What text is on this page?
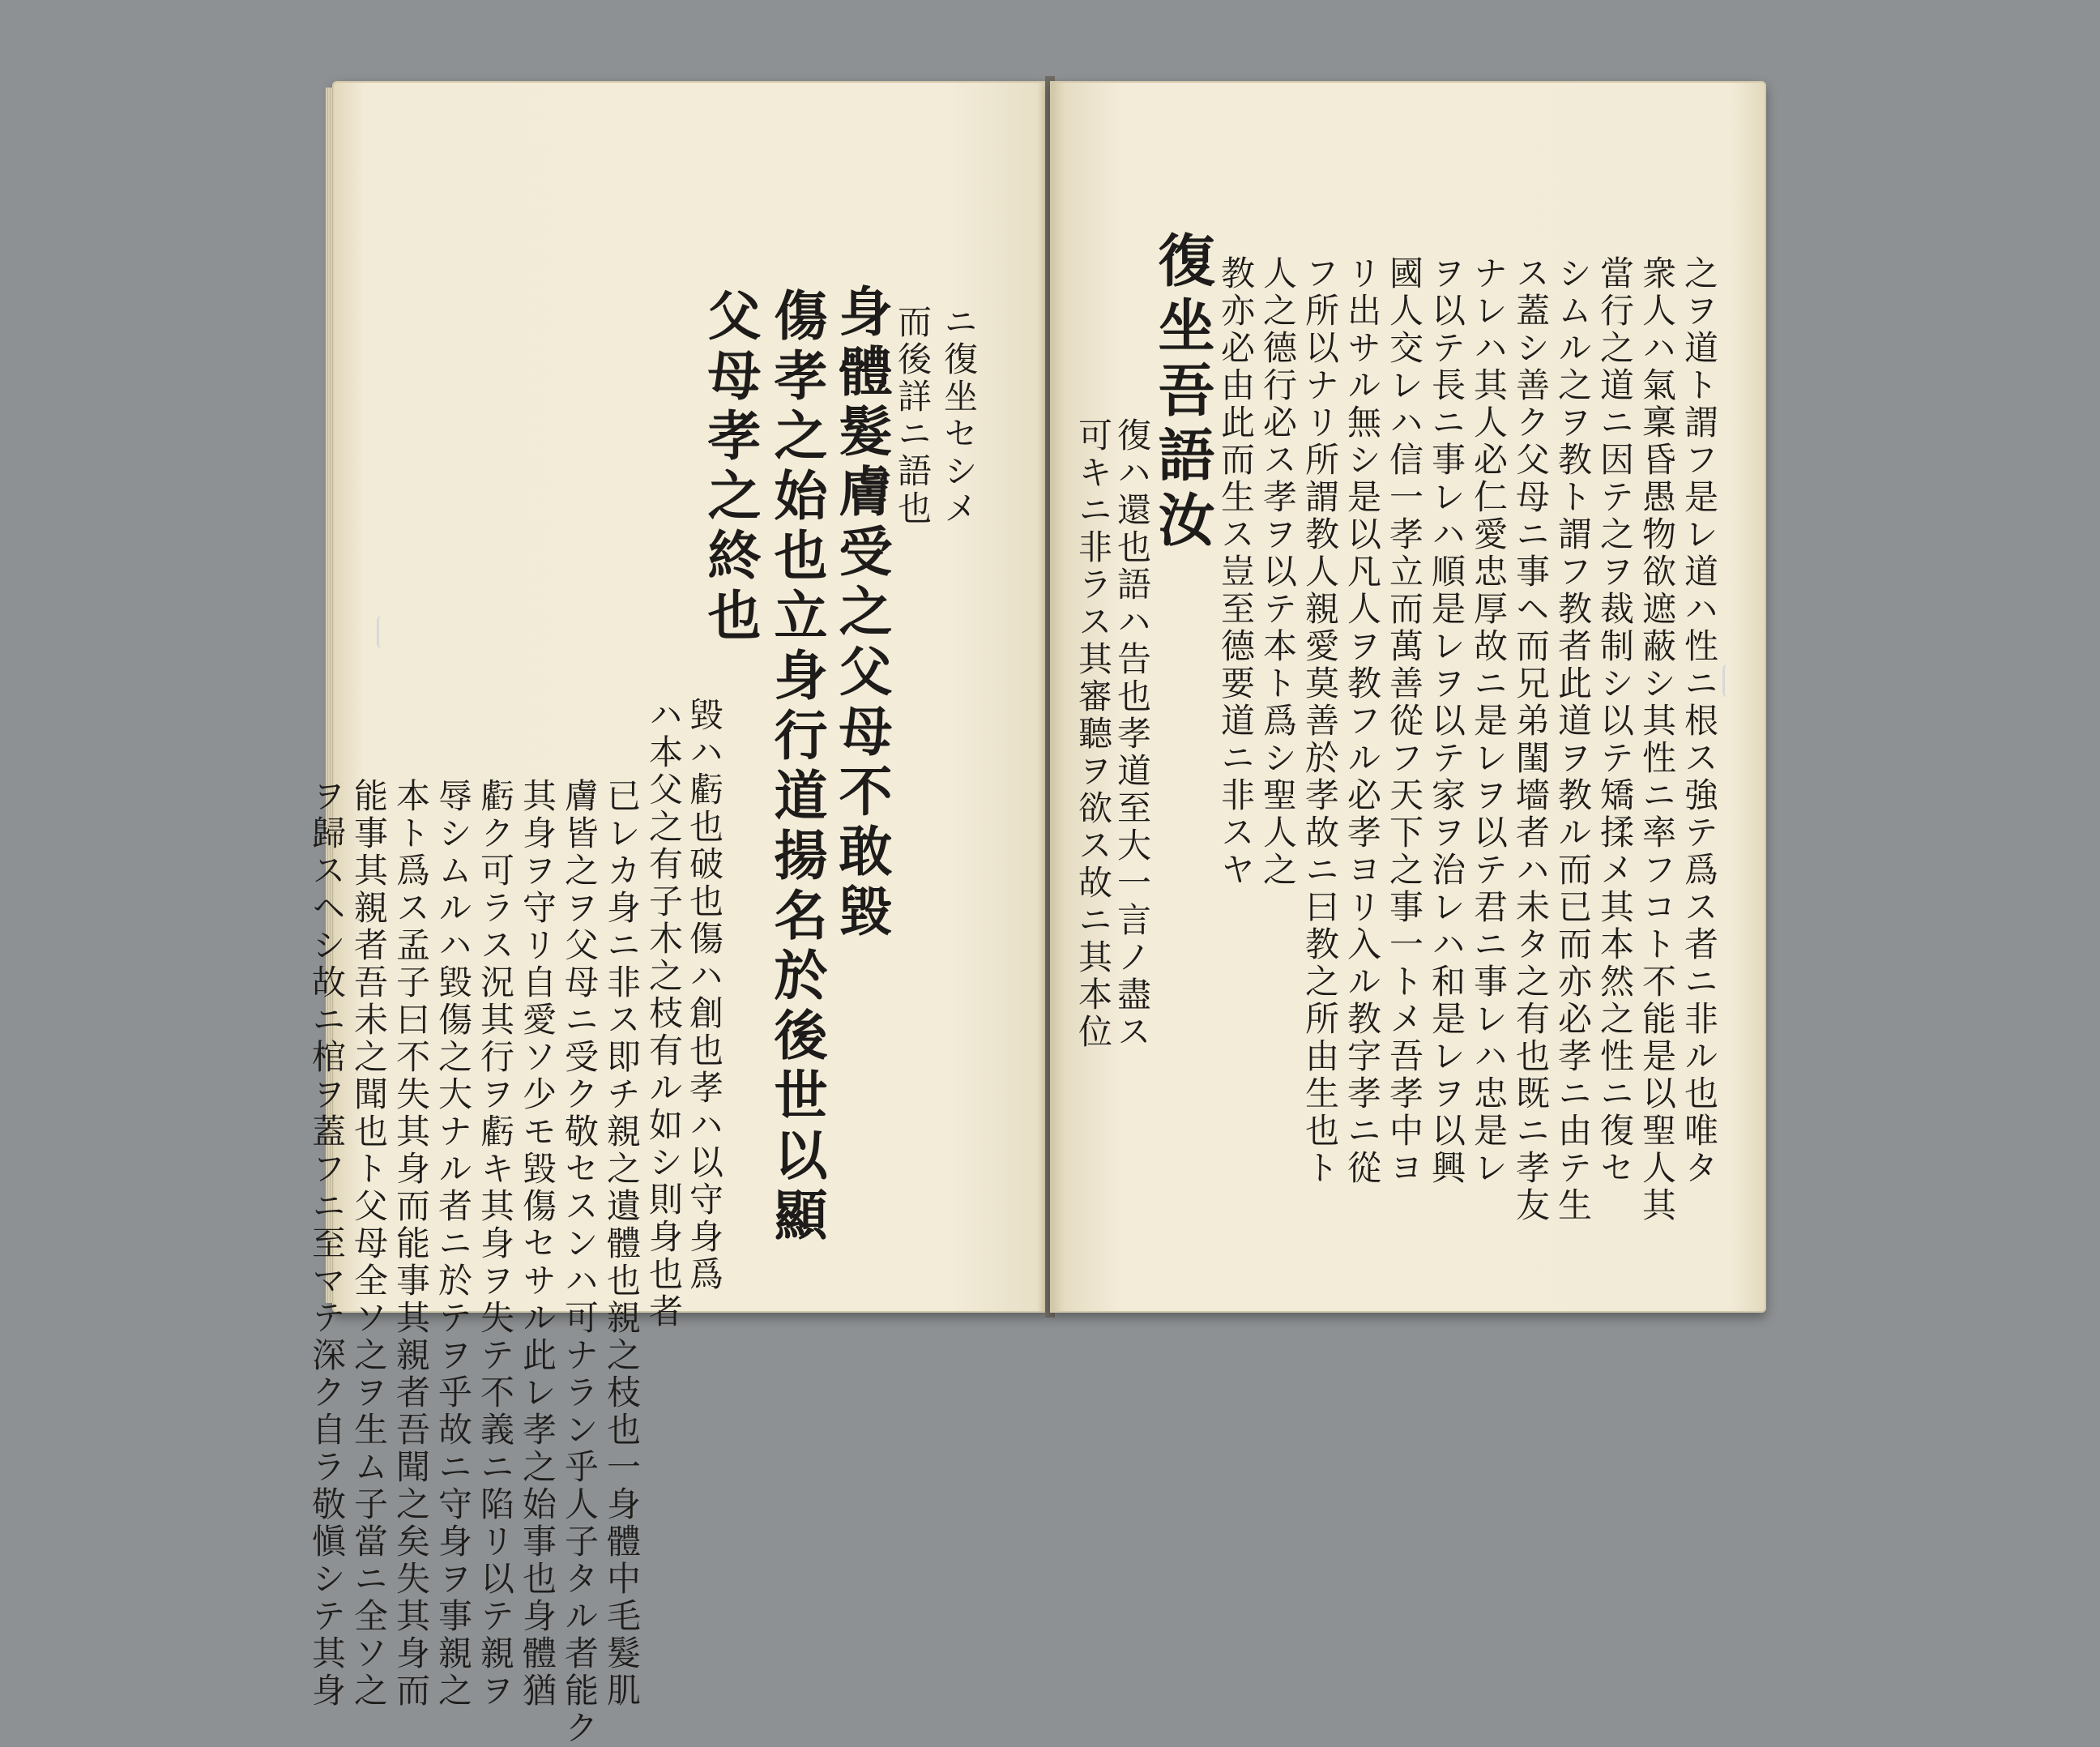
ニ復坐セシメ
而後詳ニ語也
身體髮膚受之父母不敢毀
傷孝之始也立身行道揚名於後世以顯
父母孝之終也
毀ハ虧也破也傷ハ創也孝ハ以守身爲
ハ本父之有子木之枝有ル如シ則身也者
已レカ身ニ非ス即チ親之遺體也親之枝也一身體中毛髮肌
膚皆之ヲ父母ニ受ク敬セスンハ可ナラン乎人子タル者能ク
其身ヲ守リ自愛ソ少モ毀傷セサル此レ孝之始事也身體猶
虧ク可ラス況其行ヲ虧キ其身ヲ失テ不義ニ陷リ以テ親ヲ
辱シムルハ毀傷之大ナル者ニ於テヲ乎故ニ守身ヲ事親之
本ト爲ス孟子曰不失其身而能事其親者吾聞之矣失其身而
能事其親者吾未之聞也ト父母全ソ之ヲ生ム子當ニ全ソ之
ヲ歸スヘシ故ニ棺ヲ蓋フニ至マテ深ク自ラ敬愼シテ其身
之ヲ道ト謂フ是レ道ハ性ニ根ス強テ爲ス者ニ非ル也唯タ
衆人ハ氣稟昏愚物欲遮蔽シ其性ニ率フコト不能是以聖人其
當行之道ニ因テ之ヲ裁制シ以テ矯揉メ其本然之性ニ復セ
シムル之ヲ教ト謂フ教者此道ヲ教ル而已而亦必孝ニ由テ生
ス蓋シ善ク父母ニ事ヘ而兄弟閨墻者ハ未タ之有也既ニ孝友
ナレハ其人必仁愛忠厚故ニ是レヲ以テ君ニ事レハ忠是レ
ヲ以テ長ニ事レハ順是レヲ以テ家ヲ治レハ和是レヲ以興
國人交レハ信一孝立而萬善從フ天下之事一トメ吾孝中ヨ
リ出サル無シ是以凡人ヲ教フル必孝ヨリ入ル教字孝ニ從
フ所以ナリ所謂教人親愛莫善於孝故ニ曰教之所由生也ト
人之德行必ス孝ヲ以テ本ト爲シ聖人之
教亦必由此而生ス豈至德要道ニ非スヤ
復坐吾語汝
復ハ還也語ハ告也孝道至大一言ノ盡ス
可キニ非ラス其審聽ヲ欲ス故ニ其本位
